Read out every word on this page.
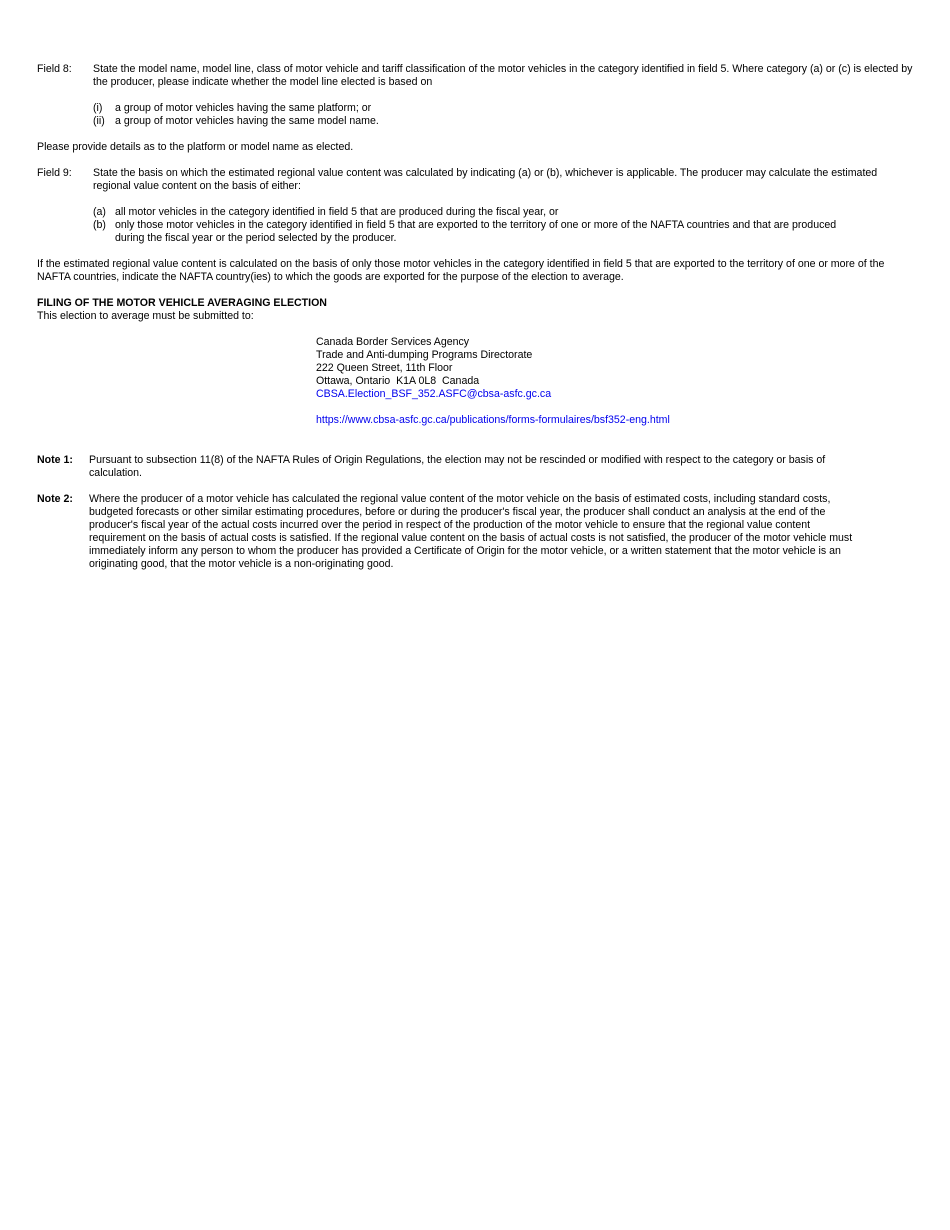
Field 8:	State the model name, model line, class of motor vehicle and tariff classification of the motor vehicles in the category identified in field 5. Where category (a) or (c) is elected by the producer, please indicate whether the model line elected is based on
(i)	a group of motor vehicles having the same platform; or
(ii) a group of motor vehicles having the same model name.

Please provide details as to the platform or model name as elected.

Field 9:	State the basis on which the estimated regional value content was calculated by indicating (a) or (b), whichever is applicable. The producer may calculate the estimated regional value content on the basis of either:
(a) all motor vehicles in the category identified in field 5 that are produced during the fiscal year, or
(b) only those motor vehicles in the category identified in field 5 that are exported to the territory of one or more of the NAFTA countries and that are produced during the fiscal year or the period selected by the producer.

If the estimated regional value content is calculated on the basis of only those motor vehicles in the category identified in field 5 that are exported to the territory of one or more of the NAFTA countries, indicate the NAFTA country(ies) to which the goods are exported for the purpose of the election to average.

FILING OF THE MOTOR VEHICLE AVERAGING ELECTION

This election to average must be submitted to:

Canada Border Services Agency
Trade and Anti-dumping Programs Directorate
222 Queen Street, 11th Floor
Ottawa, Ontario  K1A 0L8  Canada
CBSA.Election_BSF_352.ASFC@cbsa-asfc.gc.ca
https://www.cbsa-asfc.gc.ca/publications/forms-formulaires/bsf352-eng.html
Note 1:	Pursuant to subsection 11(8) of the NAFTA Rules of Origin Regulations, the election may not be rescinded or modified with respect to the category or basis of calculation.
Note 2:	Where the producer of a motor vehicle has calculated the regional value content of the motor vehicle on the basis of estimated costs, including standard costs, budgeted forecasts or other similar estimating procedures, before or during the producer's fiscal year, the producer shall conduct an analysis at the end of the producer's fiscal year of the actual costs incurred over the period in respect of the production of the motor vehicle to ensure that the regional value content requirement on the basis of actual costs is satisfied. If the regional value content on the basis of actual costs is not satisfied, the producer of the motor vehicle must immediately inform any person to whom the producer has provided a Certificate of Origin for the motor vehicle, or a written statement that the motor vehicle is an originating good, that the motor vehicle is a non-originating good.
